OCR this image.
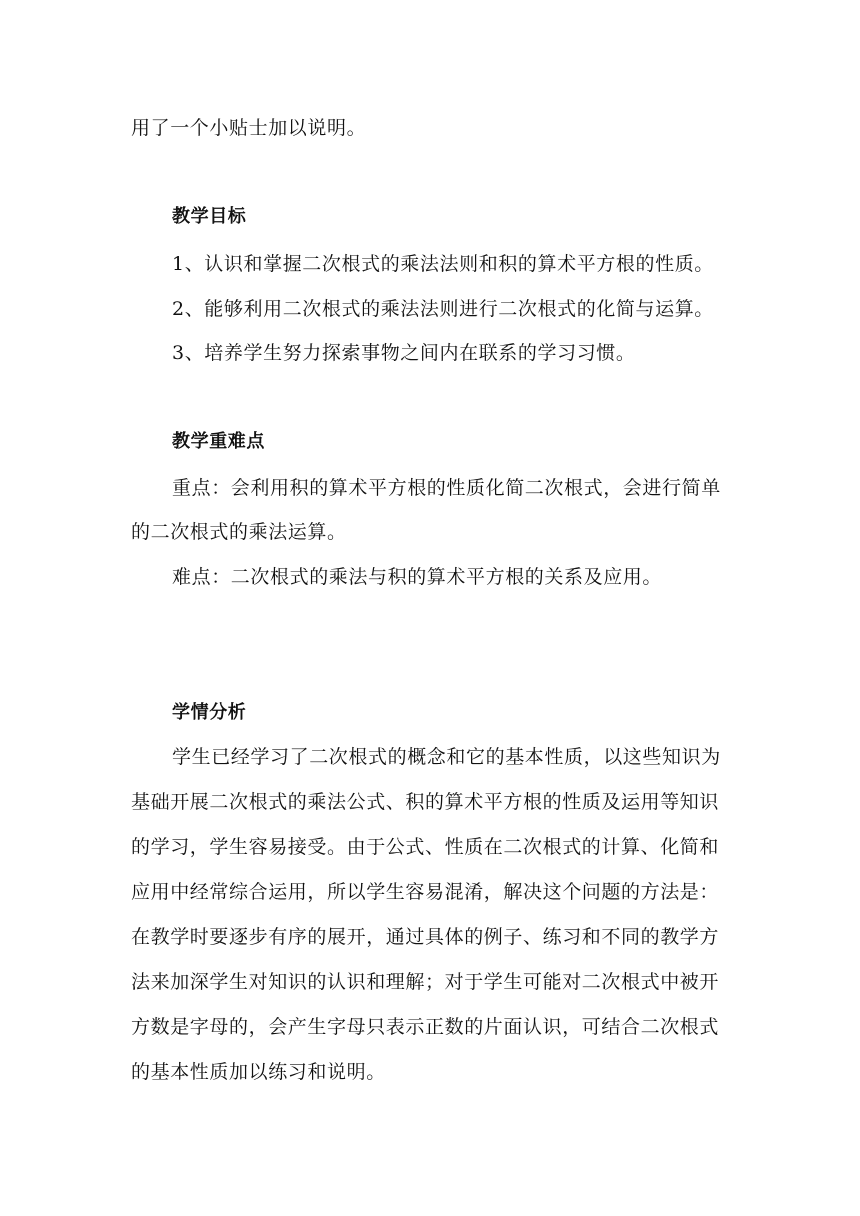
用了一个小贴士加以说明。
教学目标
1、认识和掌握二次根式的乘法法则和积的算术平方根的性质。
2、能够利用二次根式的乘法法则进行二次根式的化简与运算。
3、培养学生努力探索事物之间内在联系的学习习惯。
教学重难点
重点：会利用积的算术平方根的性质化简二次根式，会进行简单
的二次根式的乘法运算。
难点：二次根式的乘法与积的算术平方根的关系及应用。
学情分析
学生已经学习了二次根式的概念和它的基本性质，以这些知识为
基础开展二次根式的乘法公式、积的算术平方根的性质及运用等知识
的学习，学生容易接受。由于公式、性质在二次根式的计算、化简和
应用中经常综合运用，所以学生容易混淆，解决这个问题的方法是：
在教学时要逐步有序的展开，通过具体的例子、练习和不同的教学方
法来加深学生对知识的认识和理解；对于学生可能对二次根式中被开
方数是字母的，会产生字母只表示正数的片面认识，可结合二次根式
的基本性质加以练习和说明。
